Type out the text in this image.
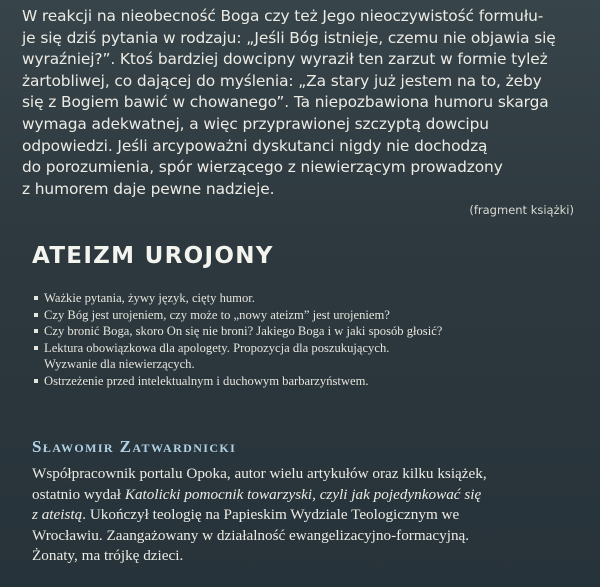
W reakcji na nieobecność Boga czy też Jego nieoczywistość formułu-
je się dziś pytania w rodzaju: „Jeśli Bóg istnieje, czemu nie objawia się
wyraźniej?”. Ktoś bardziej dowcipny wyraził ten zarzut w formie tyleż
żartobliwej, co dającej do myślenia: „Za stary już jestem na to, żeby
się z Bogiem bawić w chowanego”. Ta niepozbawiona humoru skarga
wymaga adekwatnej, a więc przyprawionej szczyptą dowcipu
odpowiedzi. Jeśli arcypoważni dyskutanci nigdy nie dochodzą
do porozumienia, spór wierzącego z niewierzącym prowadzony
z humorem daje pewne nadzieje.

(fragment książki)
ATEIZM UROJONY
Ważkie pytania, żywy język, cięty humor.
Czy Bóg jest urojeniem, czy może to „nowy ateizm” jest urojeniem?
Czy bronić Boga, skoro On się nie broni? Jakiego Boga i w jaki sposób głosić?
Lektura obowiązkowa dla apologety. Propozycja dla poszukujących.
Wyzwanie dla niewierzących.
Ostrzeżenie przed intelektualnym i duchowym barbarzyństwem.
Sławomir Zatwardnicki

Współpracownik portalu Opoka, autor wielu artykułów oraz kilku książek,
ostatnio wydał Katolicki pomocnik towarzyski, czyli jak pojedynkować się
z ateistą. Ukończył teologię na Papieskim Wydziale Teologicznym we
Wrocławiu. Zaangażowany w działalność ewangelizacyjno-formacyjną.
Żonaty, ma trójkę dzieci.
